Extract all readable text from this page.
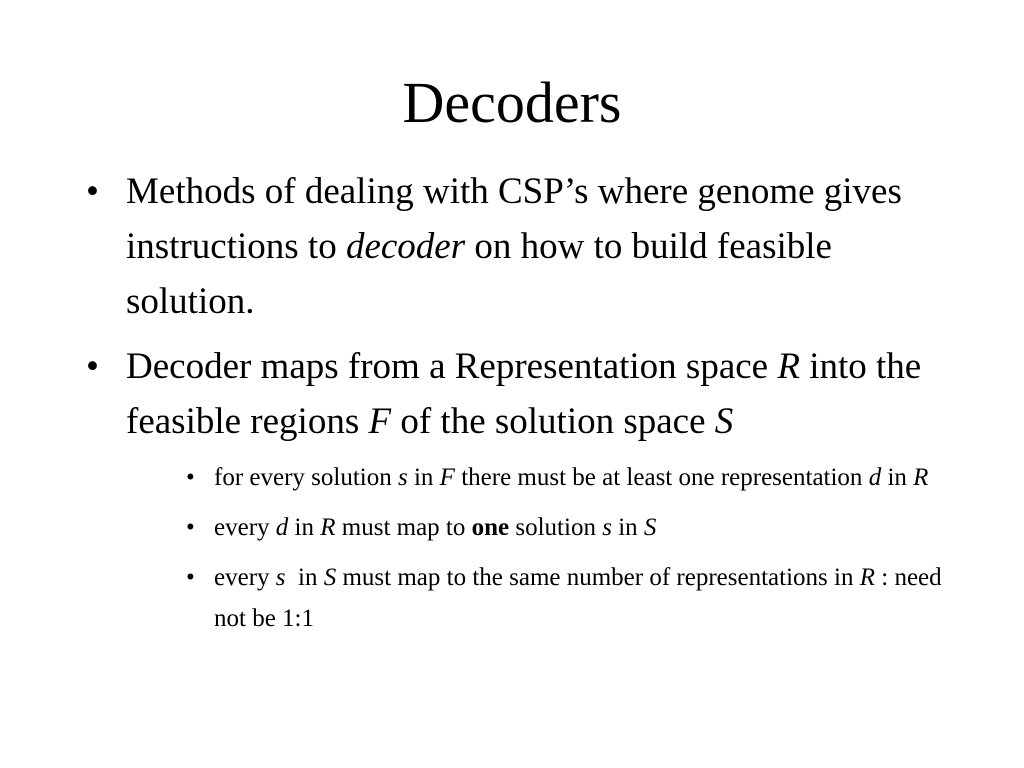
Decoders
• Methods of dealing with CSP’s where genome gives instructions to decoder on how to build feasible solution.
• Decoder maps from a Representation space R into the feasible regions F of the solution space S
• for every solution s in F there must be at least one representation d in R
• every d in R must map to one solution s in S
• every s  in S must map to the same number of representations in R : need not be 1:1
